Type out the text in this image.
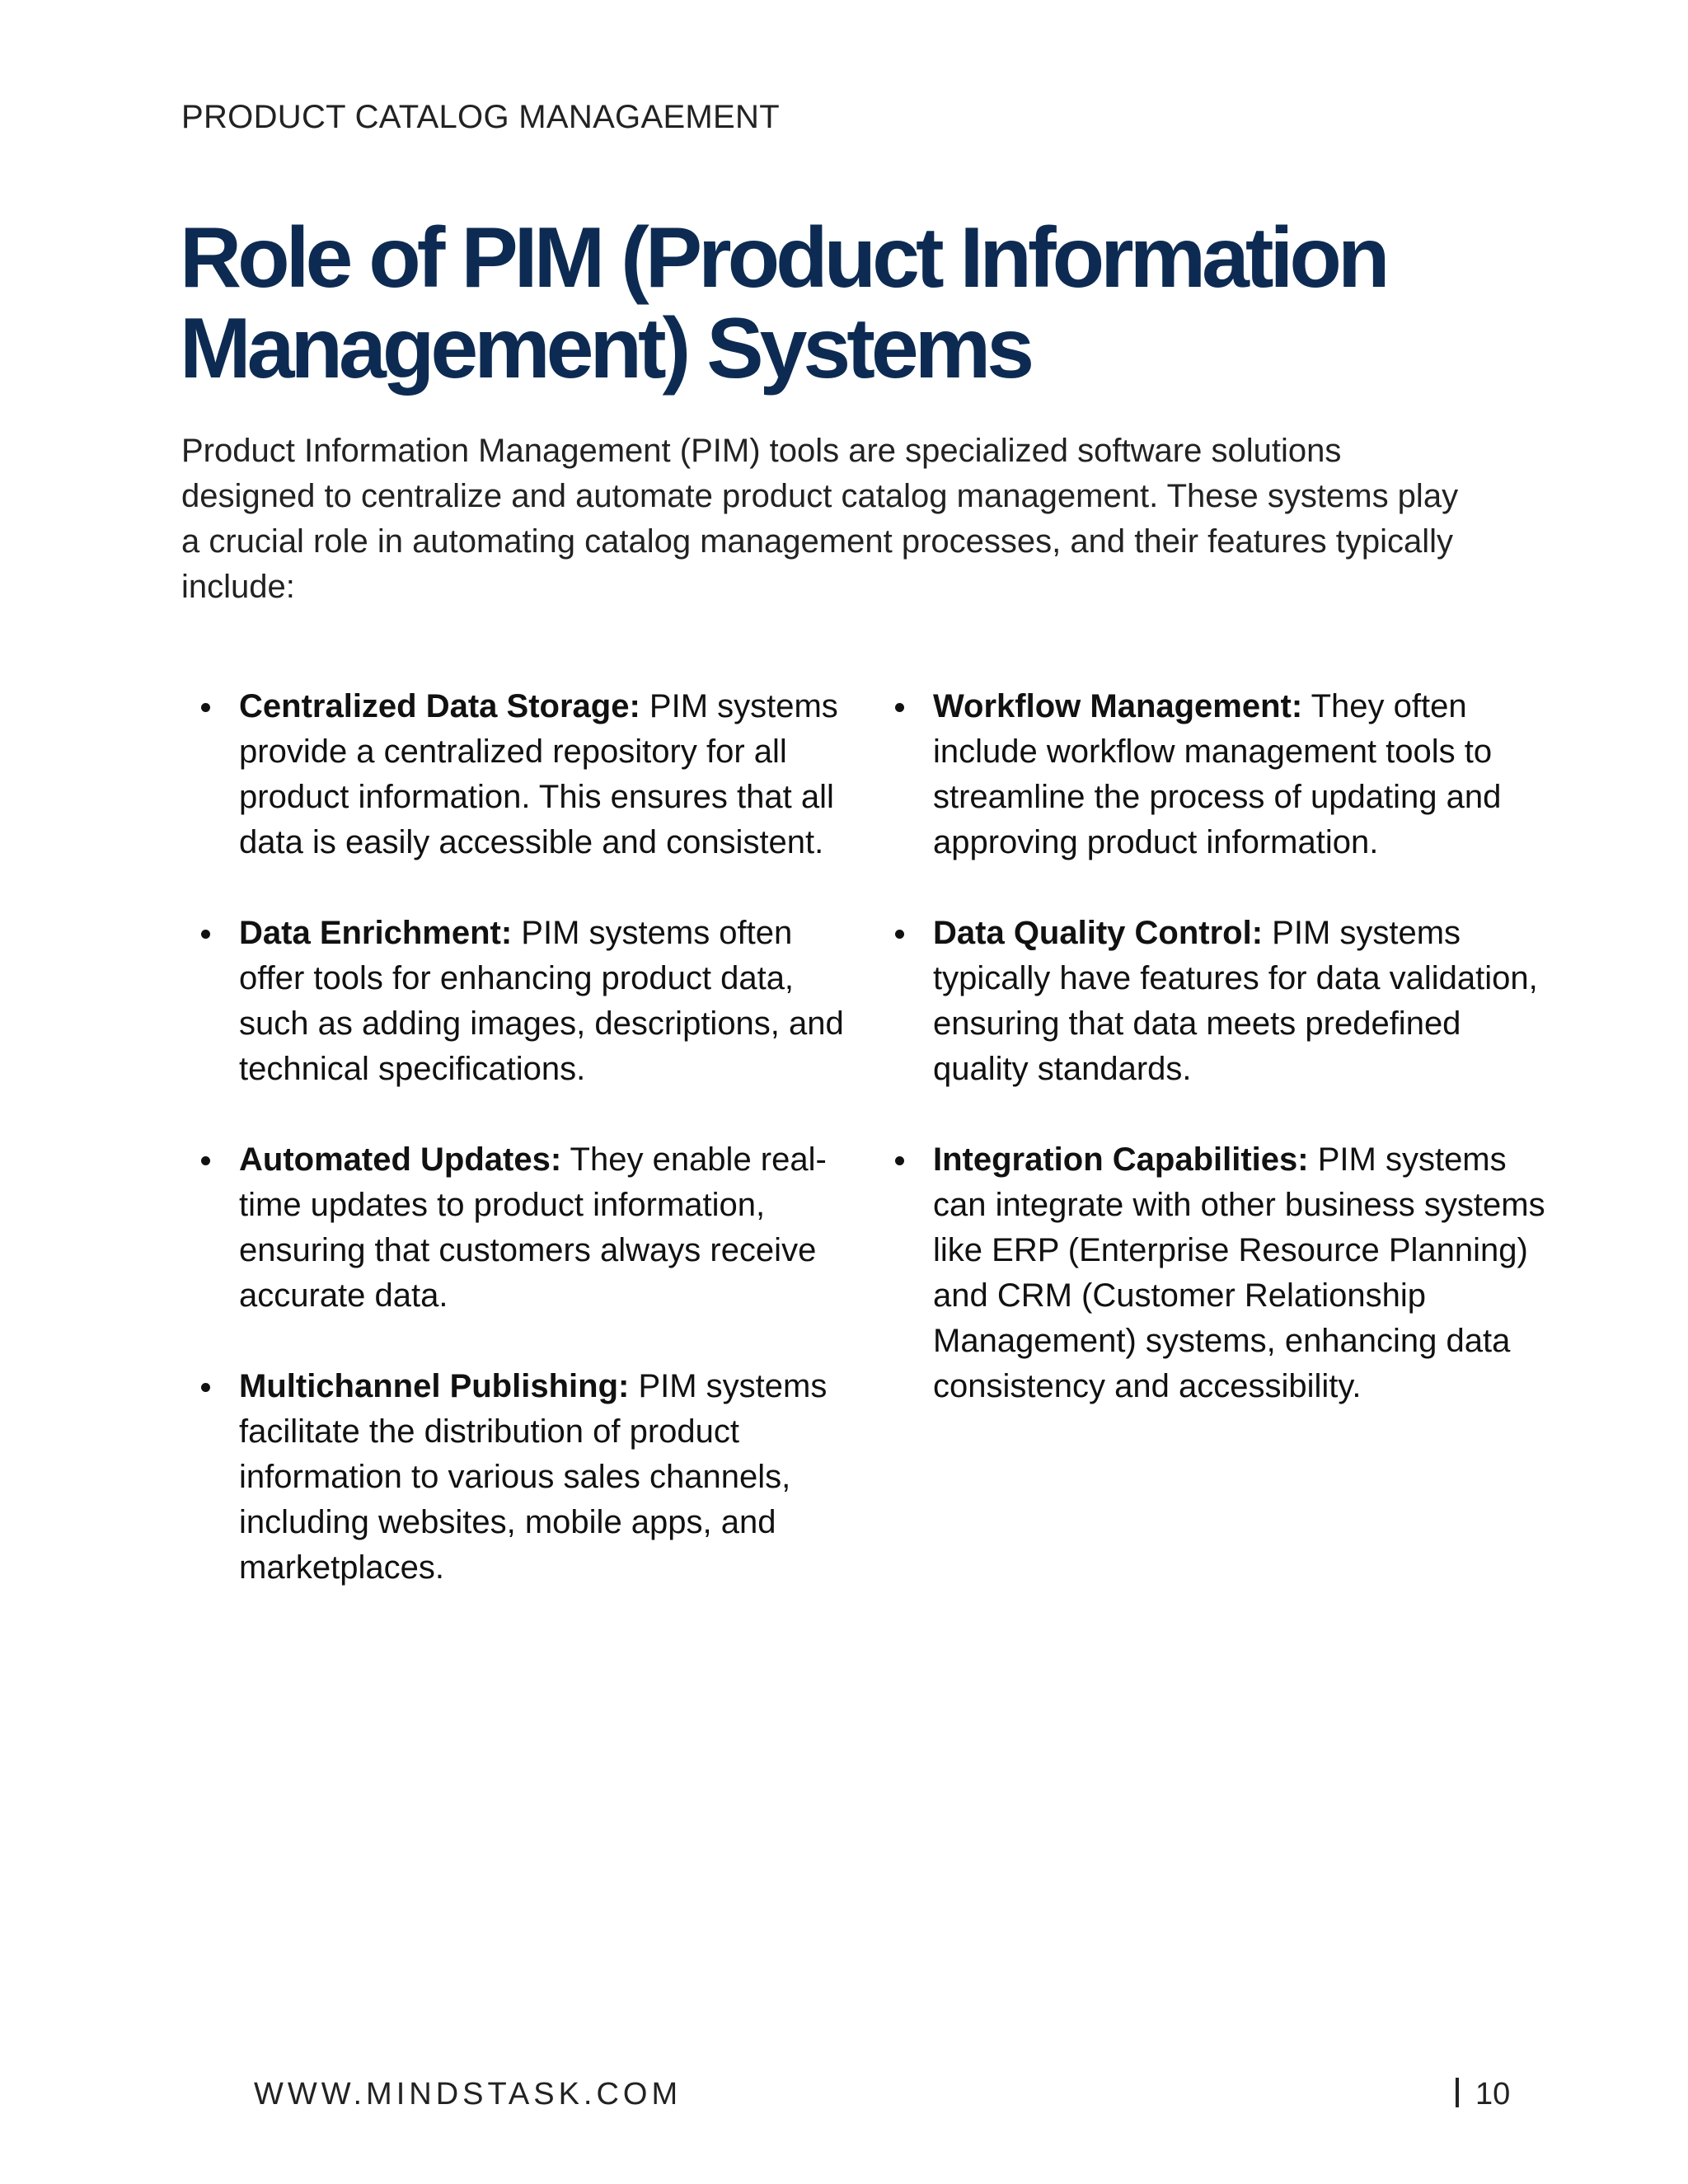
PRODUCT CATALOG MANAGAEMENT
Role of PIM (Product Information Management) Systems

Product Information Management (PIM) tools are specialized software solutions designed to centralize and automate product catalog management. These systems play a crucial role in automating catalog management processes, and their features typically include:

Centralized Data Storage: PIM systems provide a centralized repository for all product information. This ensures that all data is easily accessible and consistent.
Data Enrichment: PIM systems often offer tools for enhancing product data, such as adding images, descriptions, and technical specifications.
Automated Updates: They enable real-time updates to product information, ensuring that customers always receive accurate data.
Multichannel Publishing: PIM systems facilitate the distribution of product information to various sales channels, including websites, mobile apps, and marketplaces.
Workflow Management: They often include workflow management tools to streamline the process of updating and approving product information.
Data Quality Control: PIM systems typically have features for data validation, ensuring that data meets predefined quality standards.
Integration Capabilities: PIM systems can integrate with other business systems like ERP (Enterprise Resource Planning) and CRM (Customer Relationship Management) systems, enhancing data consistency and accessibility.
WWW.MINDSTASK.COM	10
